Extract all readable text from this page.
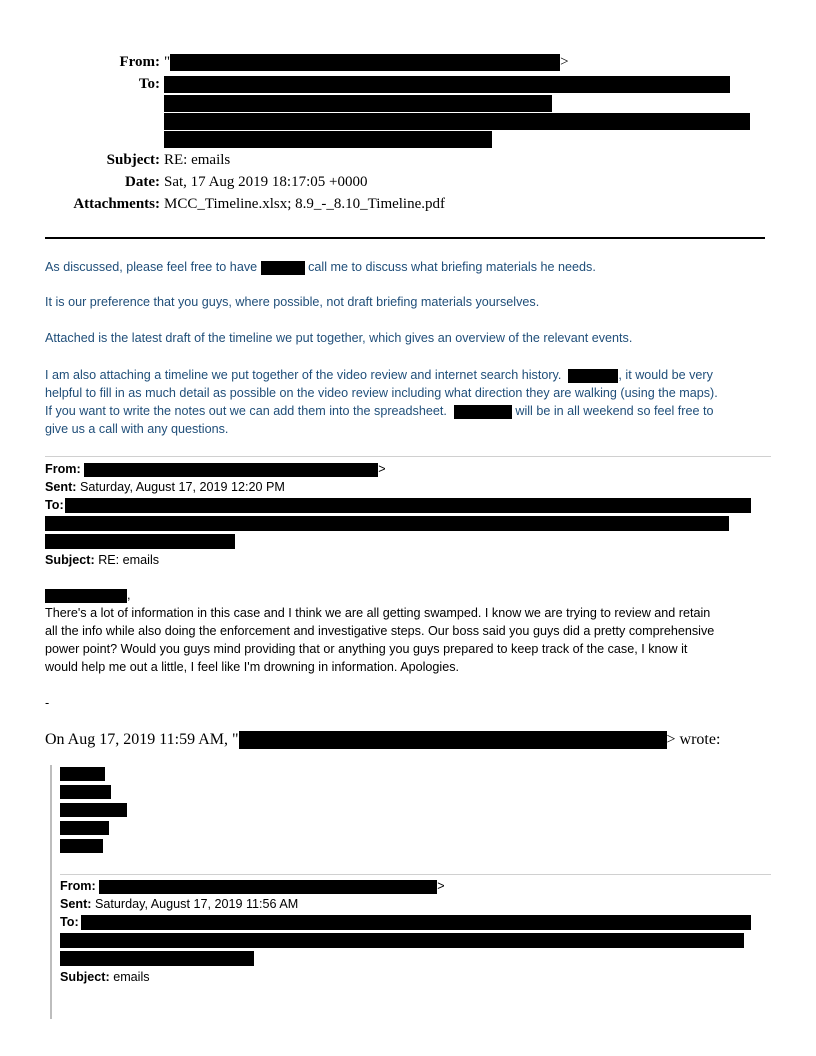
From: "	>
To:
Subject: RE: emails
Date: Sat, 17 Aug 2019 18:17:05 +0000
Attachments: MCC_Timeline.xlsx; 8.9_-_8.10_Timeline.pdf
As discussed, please feel free to have	call me to discuss what briefing materials he needs.
It is our preference that you guys, where possible, not draft briefing materials yourselves.
Attached is the latest draft of the timeline we put together, which gives an overview of the relevant events.
I am also attaching a timeline we put together of the video review and internet search history.	, it would be very
helpful to fill in as much detail as possible on the video review including what direction they are walking (using the maps).
If you want to write the notes out we can add them into the spreadsheet.	will be in all weekend so feel free to
give us a call with any questions.
From:	>
Sent: Saturday, August 17, 2019 12:20 PM
To:
Subject: RE: emails
,
There's a lot of information in this case and I think we are all getting swamped. I know we are trying to review and retain
all the info while also doing the enforcement and investigative steps. Our boss said you guys did a pretty comprehensive
power point? Would you guys mind providing that or anything you guys prepared to keep track of the case, I know it
would help me out a little, I feel like I'm drowning in information. Apologies.
-
On Aug 17, 2019 11:59 AM, "	> wrote:
From:	>
Sent: Saturday, August 17, 2019 11:56 AM
To:
Subject: emails
